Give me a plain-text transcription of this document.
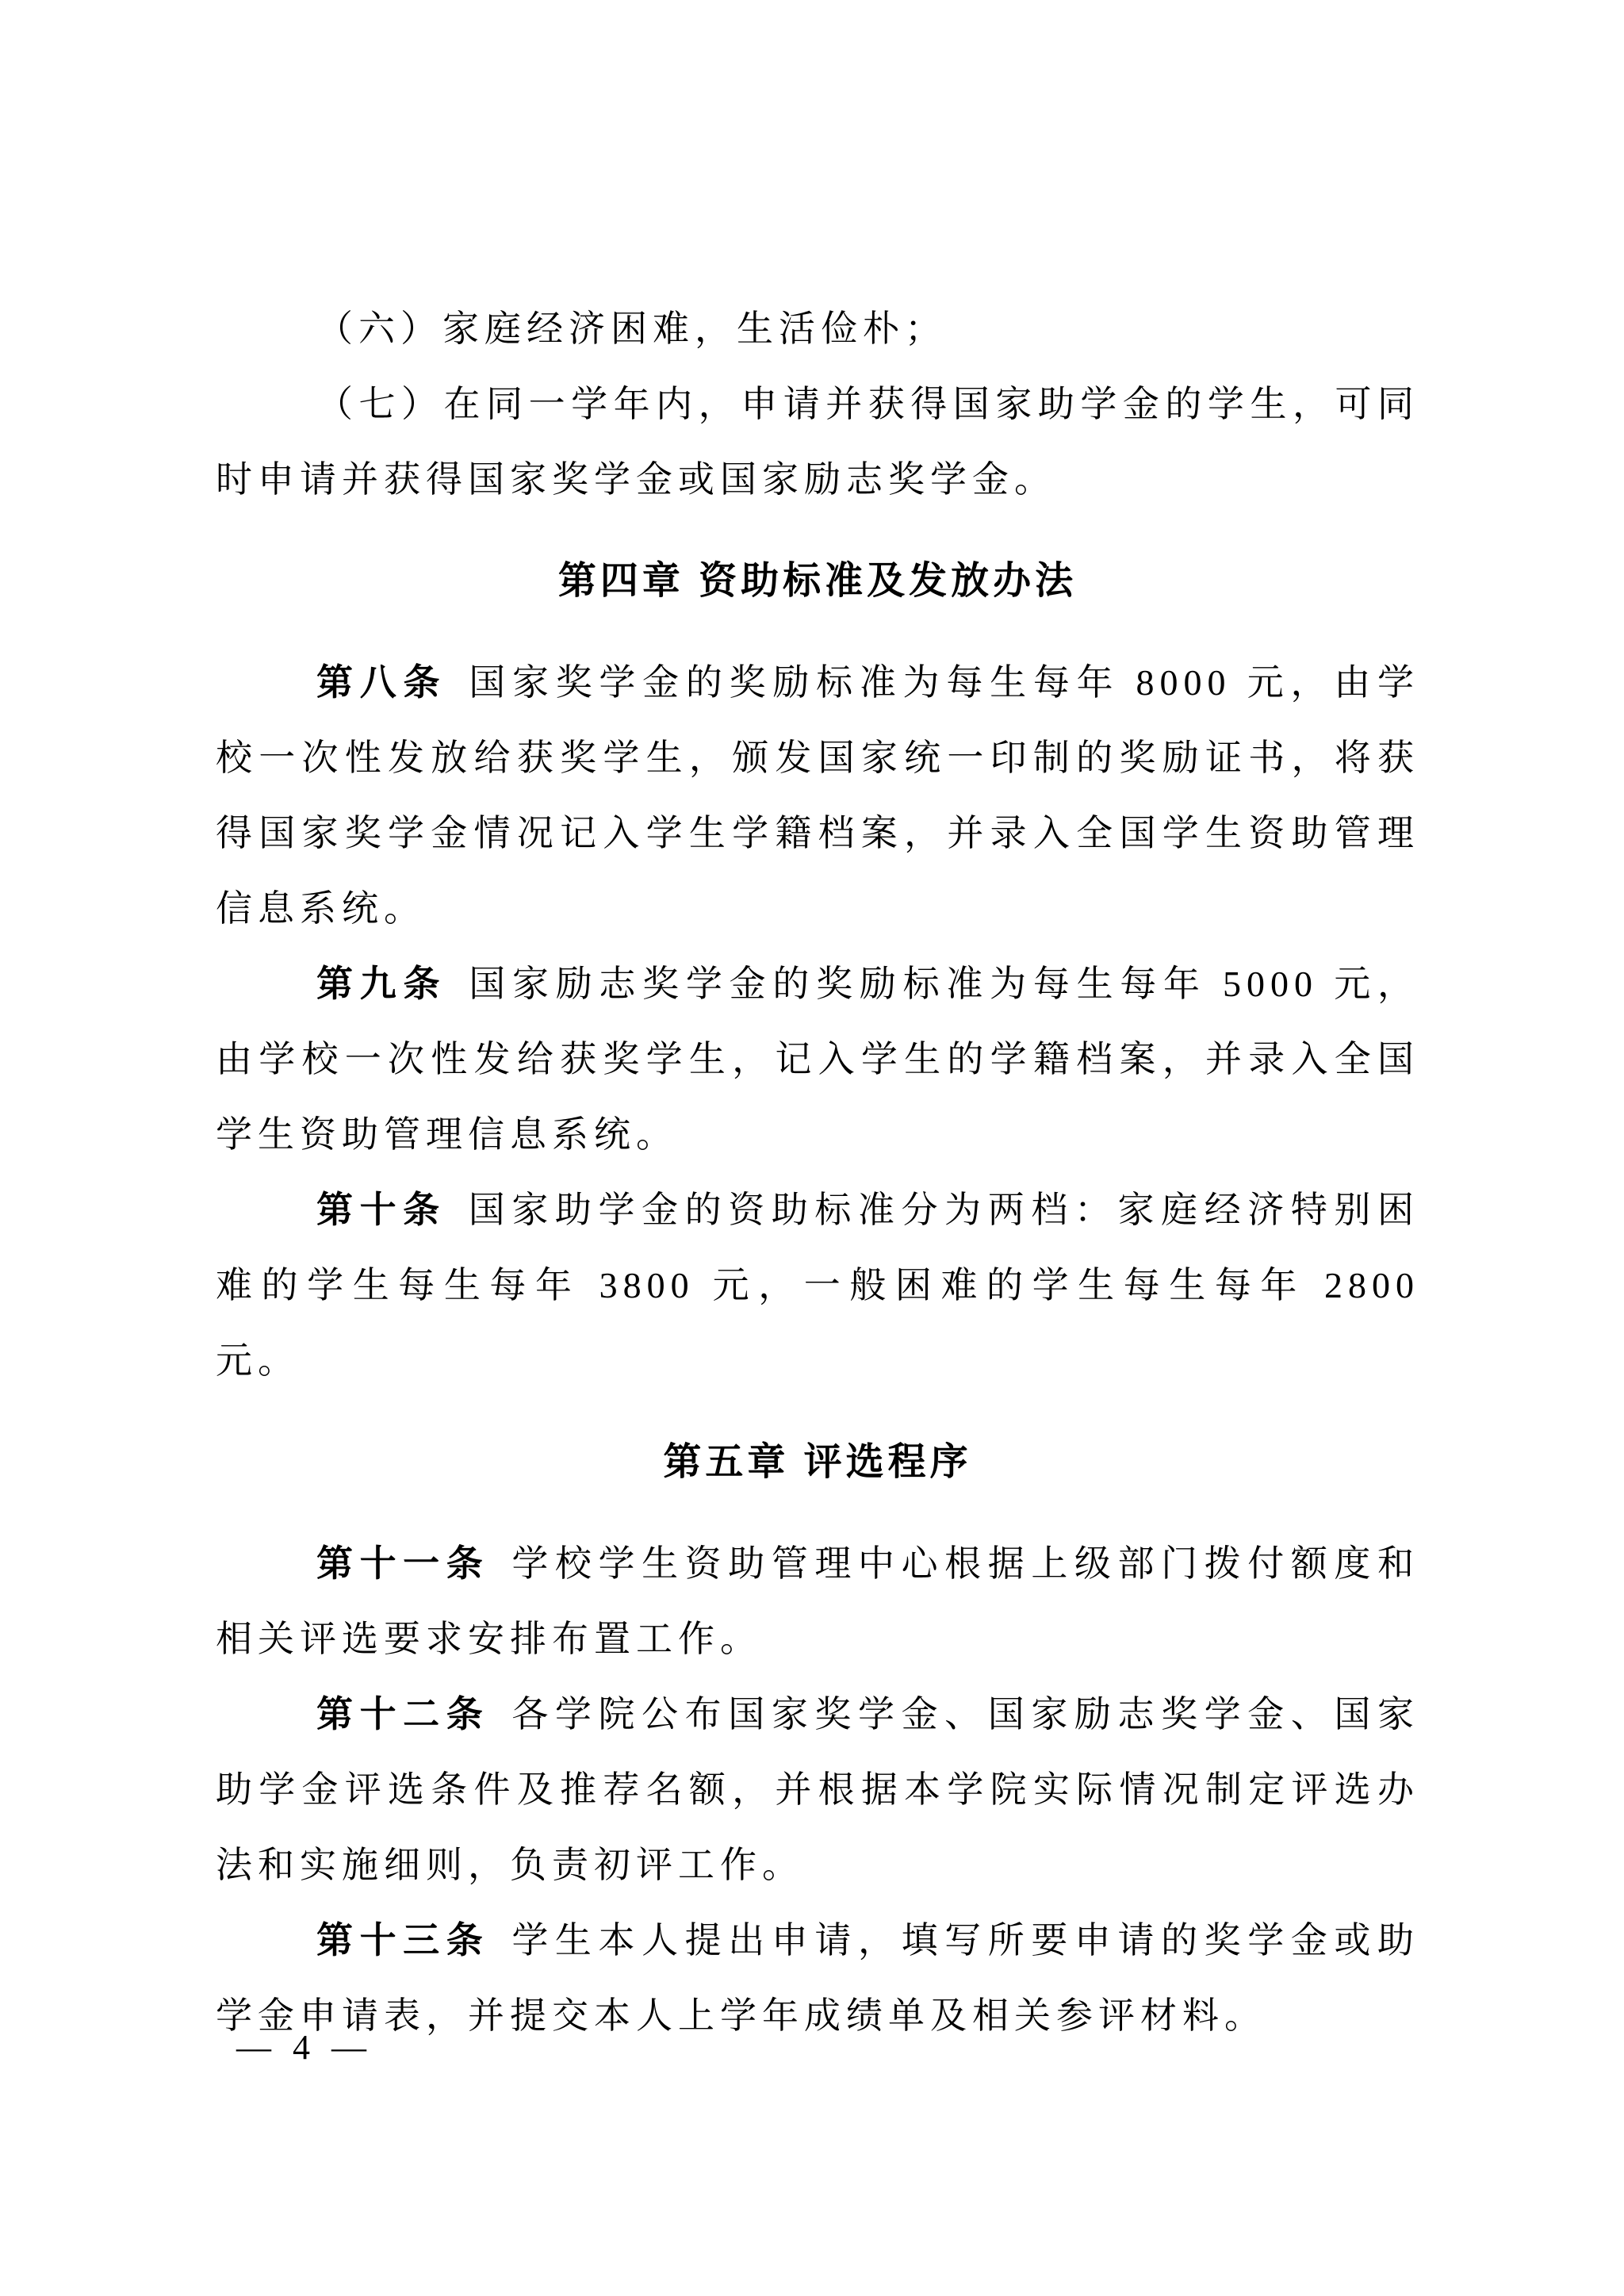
（六）家庭经济困难，生活俭朴；

（七）在同一学年内，申请并获得国家助学金的学生，可同时申请并获得国家奖学金或国家励志奖学金。

第四章 资助标准及发放办法

第八条 国家奖学金的奖励标准为每生每年 8000 元，由学校一次性发放给获奖学生，颁发国家统一印制的奖励证书，将获得国家奖学金情况记入学生学籍档案，并录入全国学生资助管理信息系统。

第九条 国家励志奖学金的奖励标准为每生每年 5000 元，由学校一次性发给获奖学生，记入学生的学籍档案，并录入全国学生资助管理信息系统。

第十条 国家助学金的资助标准分为两档：家庭经济特别困难的学生每生每年 3800 元，一般困难的学生每生每年 2800 元。

第五章 评选程序

第十一条 学校学生资助管理中心根据上级部门拨付额度和相关评选要求安排布置工作。

第十二条 各学院公布国家奖学金、国家励志奖学金、国家助学金评选条件及推荐名额，并根据本学院实际情况制定评选办法和实施细则，负责初评工作。

第十三条 学生本人提出申请，填写所要申请的奖学金或助学金申请表，并提交本人上学年成绩单及相关参评材料。

— 4 —
